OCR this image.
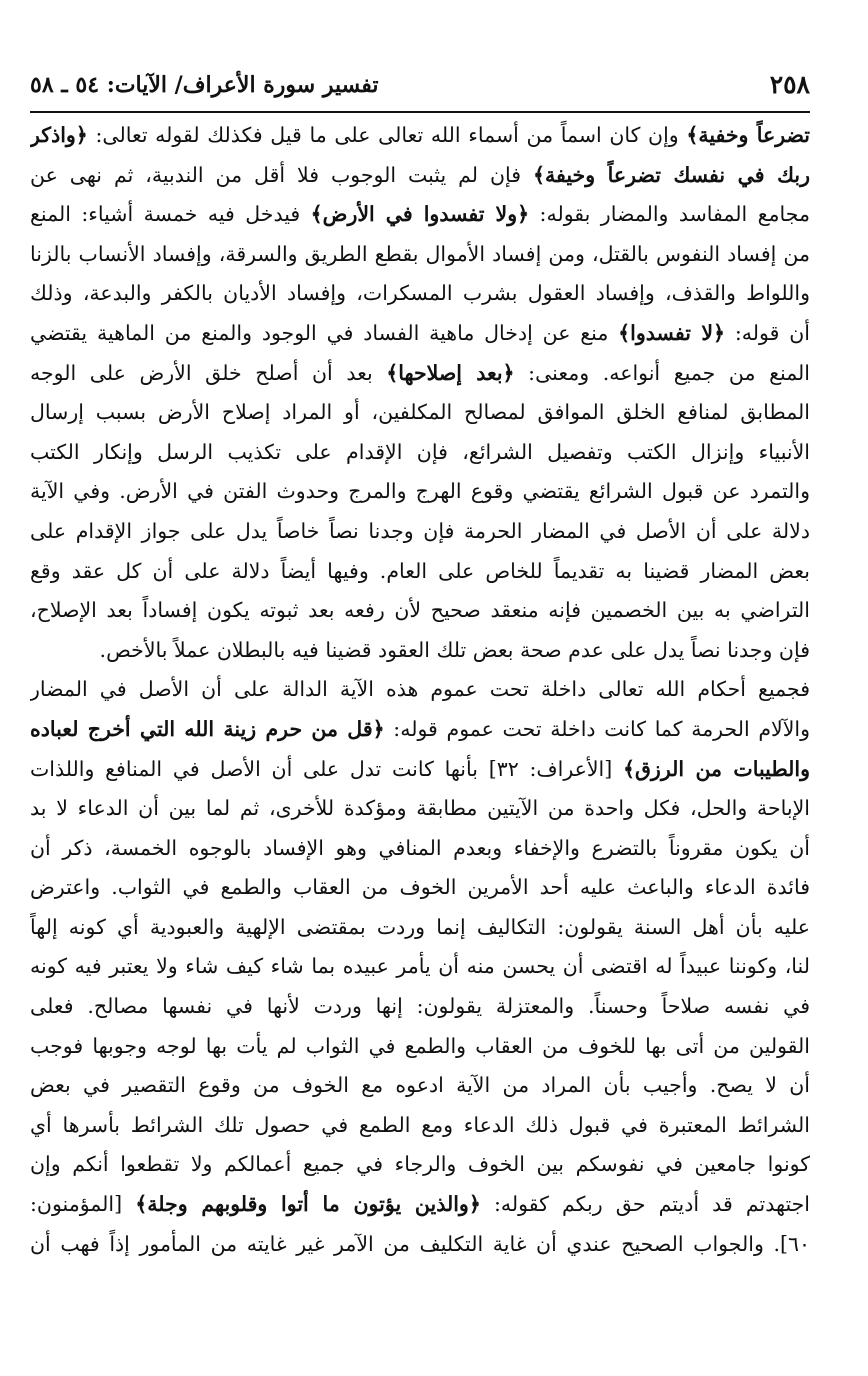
٢٥٨
تفسير سورة الأعراف/ الآيات: ٥٤ ـ ٥٨
تضرعاً وخفية﴾ وإن كان اسماً من أسماء الله تعالى على ما قيل فكذلك لقوله تعالى: ﴿واذكر
ربك في نفسك تضرعاً وخيفة﴾ فإن لم يثبت الوجوب فلا أقل من الندبية، ثم نهى عن
مجامع المفاسد والمضار بقوله: ﴿ولا تفسدوا في الأرض﴾ فيدخل فيه خمسة أشياء: المنع
من إفساد النفوس بالقتل، ومن إفساد الأموال بقطع الطريق والسرقة، وإفساد الأنساب بالزنا
واللواط والقذف، وإفساد العقول بشرب المسكرات، وإفساد الأديان بالكفر والبدعة، وذلك
أن قوله: ﴿لا تفسدوا﴾ منع عن إدخال ماهية الفساد في الوجود والمنع من الماهية يقتضي
المنع من جميع أنواعه. ومعنى: ﴿بعد إصلاحها﴾ بعد أن أصلح خلق الأرض على الوجه
المطابق لمنافع الخلق الموافق لمصالح المكلفين، أو المراد إصلاح الأرض بسبب إرسال
الأنبياء وإنزال الكتب وتفصيل الشرائع، فإن الإقدام على تكذيب الرسل وإنكار الكتب
والتمرد عن قبول الشرائع يقتضي وقوع الهرج والمرج وحدوث الفتن في الأرض. وفي الآية
دلالة على أن الأصل في المضار الحرمة فإن وجدنا نصاً خاصاً يدل على جواز الإقدام على
بعض المضار قضينا به تقديماً للخاص على العام. وفيها أيضاً دلالة على أن كل عقد وقع
التراضي به بين الخصمين فإنه منعقد صحيح لأن رفعه بعد ثبوته يكون إفساداً بعد الإصلاح،
فإن وجدنا نصاً يدل على عدم صحة بعض تلك العقود قضينا فيه بالبطلان عملاً بالأخص.
فجميع أحكام الله تعالى داخلة تحت عموم هذه الآية الدالة على أن الأصل في المضار
والآلام الحرمة كما كانت داخلة تحت عموم قوله: ﴿قل من حرم زينة الله التي أخرج لعباده
والطيبات من الرزق﴾ [الأعراف: ٣٢] بأنها كانت تدل على أن الأصل في المنافع واللذات
الإباحة والحل، فكل واحدة من الآيتين مطابقة ومؤكدة للأخرى، ثم لما بين أن الدعاء لا بد
أن يكون مقروناً بالتضرع والإخفاء وبعدم المنافي وهو الإفساد بالوجوه الخمسة، ذكر أن
فائدة الدعاء والباعث عليه أحد الأمرين الخوف من العقاب والطمع في الثواب. واعترض
عليه بأن أهل السنة يقولون: التكاليف إنما وردت بمقتضى الإلهية والعبودية أي كونه إلهاً
لنا، وكوننا عبيداً له اقتضى أن يحسن منه أن يأمر عبيده بما شاء كيف شاء ولا يعتبر فيه كونه
في نفسه صلاحاً وحسناً. والمعتزلة يقولون: إنها وردت لأنها في نفسها مصالح. فعلى
القولين من أتى بها للخوف من العقاب والطمع في الثواب لم يأت بها لوجه وجوبها فوجب
أن لا يصح. وأجيب بأن المراد من الآية ادعوه مع الخوف من وقوع التقصير في بعض
الشرائط المعتبرة في قبول ذلك الدعاء ومع الطمع في حصول تلك الشرائط بأسرها أي
كونوا جامعين في نفوسكم بين الخوف والرجاء في جميع أعمالكم ولا تقطعوا أنكم وإن
اجتهدتم قد أديتم حق ربكم كقوله: ﴿والذين يؤتون ما أتوا وقلوبهم وجلة﴾ [المؤمنون:
٦٠]. والجواب الصحيح عندي أن غاية التكليف من الآمر غير غايته من المأمور إذاً فهب أن
